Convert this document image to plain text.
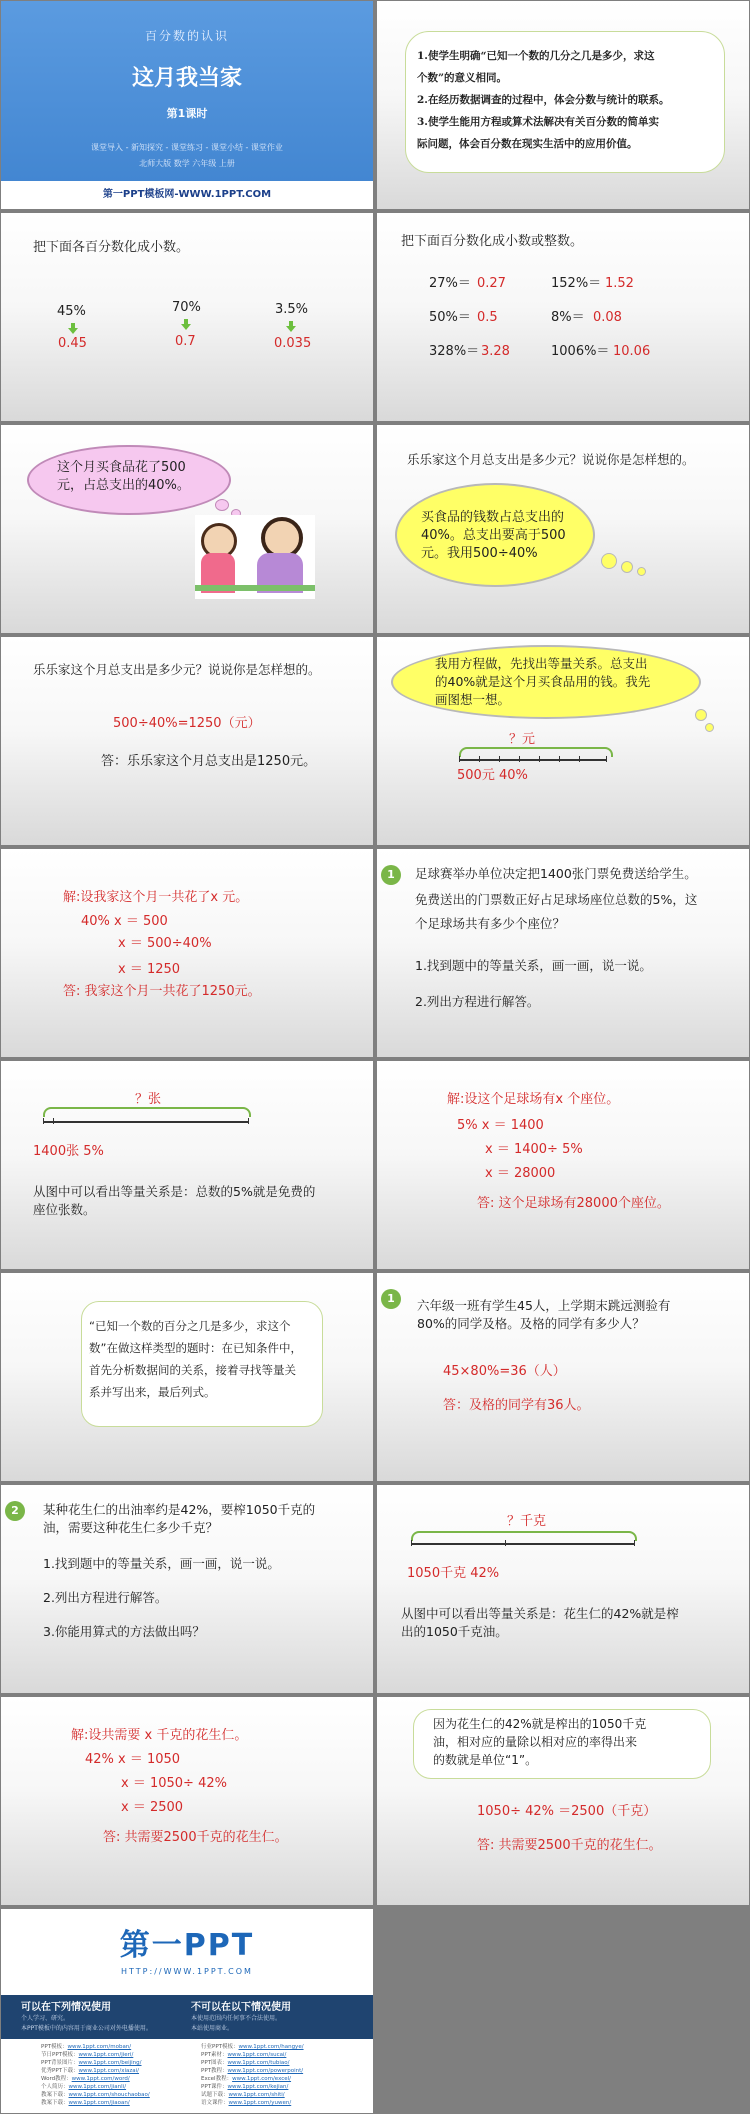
百分数的认识
这月我当家
第1课时
课堂导入 - 新知探究 - 课堂练习 - 课堂小结 - 课堂作业
北师大版 数学 六年级 上册
第一PPT模板网-WWW.1PPT.COM
1.使学生明确“已知一个数的几分之几是多少，求这
个数”的意义相同。
2.在经历数据调查的过程中，体会分数与统计的联系。
3.使学生能用方程或算术法解决有关百分数的简单实
际问题，体会百分数在现实生活中的应用价值。
把下面各百分数化成小数。
45%
0.45
70%
0.7
3.5%
0.035
把下面百分数化成小数或整数。
27%＝ 0.27	152%＝ 1.52
50%＝ 0.5	8%＝ 0.08
328%＝ 3.28	1006%＝ 10.06
这个月买食品花了500
元，占总支出的40%。
乐乐家这个月总支出是多少元？说说你是怎样想的。
买食品的钱数占总支出的
40%。总支出要高于500
元。我用500÷40%
乐乐家这个月总支出是多少元？说说你是怎样想的。
500÷40%=1250（元）
答：乐乐家这个月总支出是1250元。
我用方程做，先找出等量关系。总支出
的40%就是这个月买食品用的钱。我先
画图想一想。
？元
500元 40%
解:设我家这个月一共花了x 元。
40% x ＝ 500
x ＝ 500÷40%
x ＝ 1250
答: 我家这个月一共花了1250元。
1	足球赛举办单位决定把1400张门票免费送给学生。
免费送出的门票数正好占足球场座位总数的5%，这
个足球场共有多少个座位？
1.找到题中的等量关系，画一画，说一说。
2.列出方程进行解答。
？张
1400张 5%
从图中可以看出等量关系是：总数的5%就是免费的
座位张数。
解:设这个足球场有x 个座位。
5% x ＝ 1400
x ＝ 1400÷ 5%
x ＝ 28000
答: 这个足球场有28000个座位。
“已知一个数的百分之几是多少，求这个
数”在做这样类型的题时：在已知条件中，
首先分析数据间的关系，接着寻找等量关
系并写出来，最后列式。
1	六年级一班有学生45人，上学期末跳远测验有
80%的同学及格。及格的同学有多少人？
45×80%=36（人）
答：及格的同学有36人。
2	某种花生仁的出油率约是42%，要榨1050千克的
油，需要这种花生仁多少千克？
1.找到题中的等量关系，画一画，说一说。
2.列出方程进行解答。
3.你能用算式的方法做出吗？
？千克
1050千克 42%
从图中可以看出等量关系是：花生仁的42%就是榨
出的1050千克油。
解:设共需要 x 千克的花生仁。
42% x ＝ 1050
x ＝ 1050÷ 42%
x ＝ 2500
答: 共需要2500千克的花生仁。
因为花生仁的42%就是榨出的1050千克
油，相对应的量除以相对应的率得出来
的数就是单位“1”。
1050÷ 42% ＝2500（千克）
答: 共需要2500千克的花生仁。
第一PPT
HTTP://WWW.1PPT.COM
可以在下列情况使用	不可以在以下情况使用
个人学习、研究。
本PPT模板中的内容用于商业公司对外电播使用。
本使用范围内任何事不合法使用。
本站使用商业。
PPT模板：www.1ppt.com/moban/
节日PPT模板：www.1ppt.com/jieri/
PPT背景图片：www.1ppt.com/beijing/
优秀PPT下载：www.1ppt.com/xiazai/
Word教程：www.1ppt.com/word/
个人简历：www.1ppt.com/jianli/
教案下载：www.1ppt.com/shouchaobao/
教案下载：www.1ppt.com/jiaoan/
行业PPT模板：www.1ppt.com/hangye/
PPT素材：www.1ppt.com/sucai/
PPT图表：www.1ppt.com/tubiao/
PPT教程：www.1ppt.com/powerpoint/
Excel教程：www.1ppt.com/excel/
PPT课件：www.1ppt.com/kejian/
试题下载：www.1ppt.com/shiti/
语文课件：www.1ppt.com/yuwen/
